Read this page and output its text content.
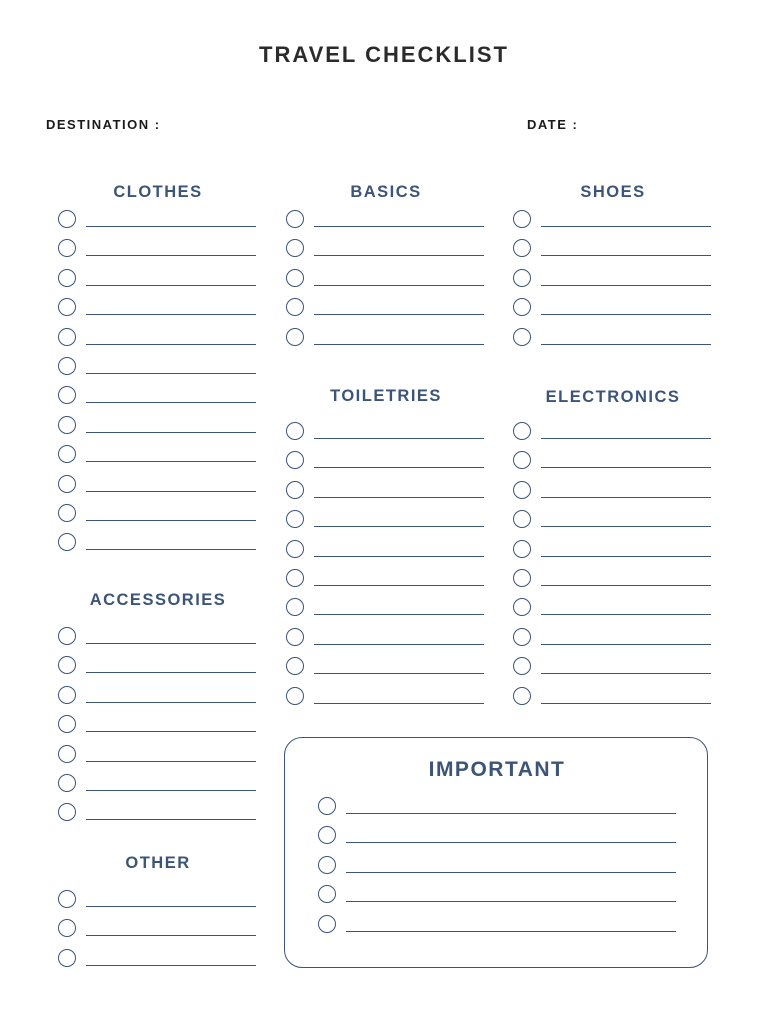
TRAVEL CHECKLIST
DESTINATION :	DATE :
CLOTHES	BASICS	SHOES
TOILETRIES	ELECTRONICS
ACCESSORIES
OTHER
IMPORTANT
